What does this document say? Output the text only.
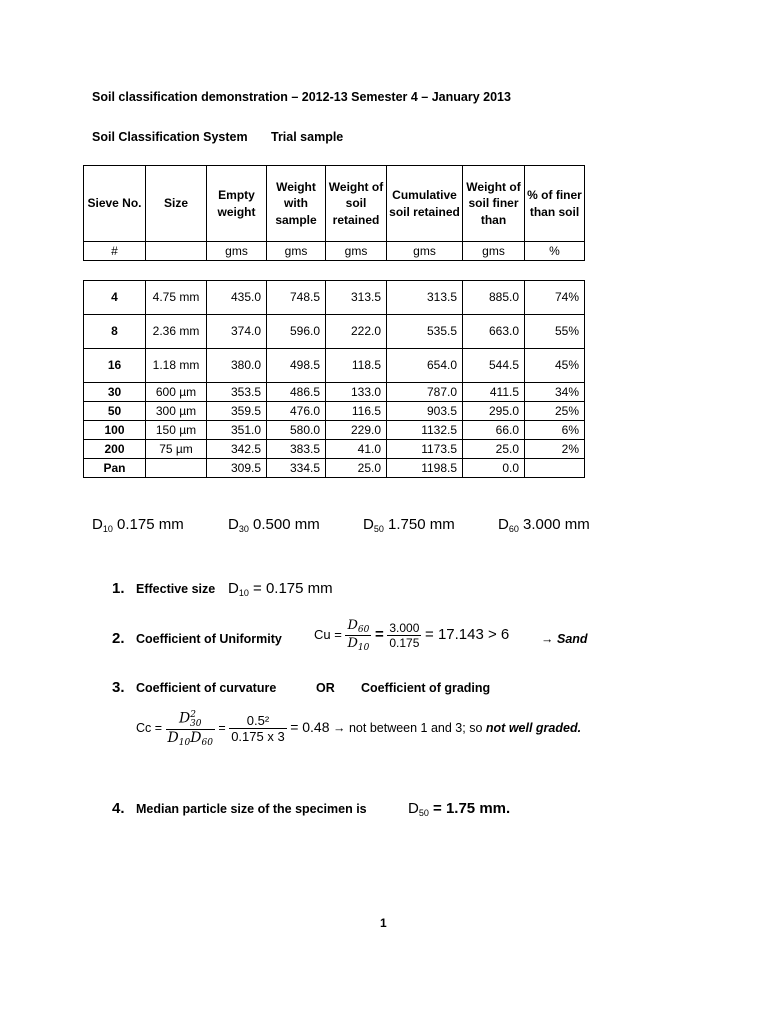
Soil classification demonstration – 2012-13 Semester 4 – January 2013
Soil Classification System Trial sample
Sieve No.	Size	Empty weight	Weight with sample	Weight of soil retained	Cumulative soil retained	Weight of soil finer than	% of finer than soil
#		gms	gms	gms	gms	gms	%
4	4.75 mm	435.0	748.5	313.5	313.5	885.0	74%
8	2.36 mm	374.0	596.0	222.0	535.5	663.0	55%
16	1.18 mm	380.0	498.5	118.5	654.0	544.5	45%
30	600 µm	353.5	486.5	133.0	787.0	411.5	34%
50	300 µm	359.5	476.0	116.5	903.5	295.0	25%
100	150 µm	351.0	580.0	229.0	1132.5	66.0	6%
200	75 µm	342.5	383.5	41.0	1173.5	25.0	2%
Pan		309.5	334.5	25.0	1198.5	0.0	
$D_{10}$ 0.175 mm	$D_{30}$ 0.500 mm	$D_{50}$ 1.750 mm	$D_{60}$ 3.000 mm
1. Effective size $D_{10} = 0.175$ mm
2. Coefficient of Uniformity $Cu = \frac{D_{60}}{D_{10}} = \frac{3.000}{0.175} = 17.143 > 6$	→ Sand
3. Coefficient of curvature	OR Coefficient of grading
$Cc = \frac{D^2_{30}}{D_{10}D_{60}} = \frac{\text{0.5²}}{0.175 x 3} = 0.48$ → not between 1 and 3; so not well graded.
4. Median particle size of the specimen is	$D_{50} = 1.75$ mm.
1
